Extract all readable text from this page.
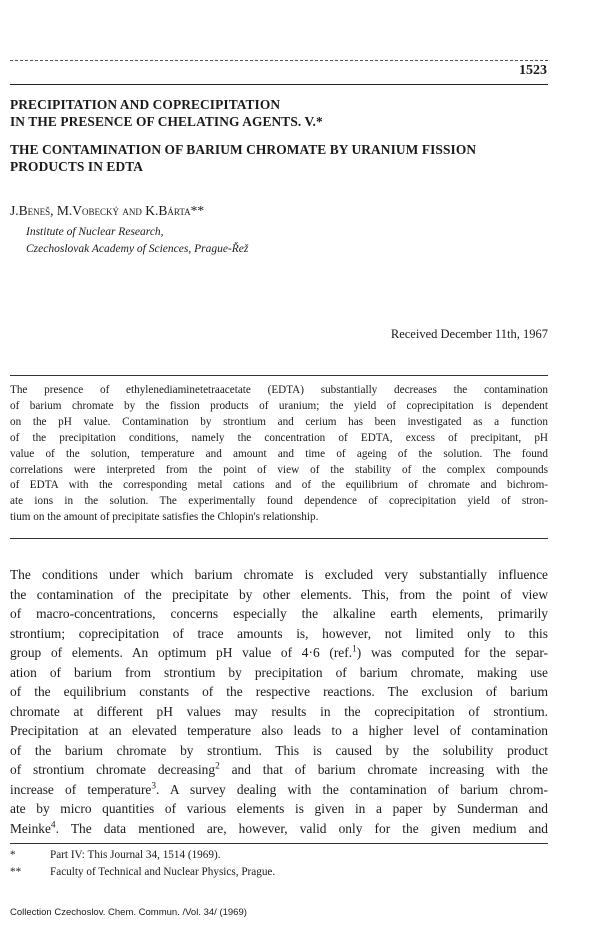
1523
PRECIPITATION AND COPRECIPITATION
IN THE PRESENCE OF CHELATING AGENTS. V.*
THE CONTAMINATION OF BARIUM CHROMATE BY URANIUM FISSION
PRODUCTS IN EDTA
J.Beneš, M.Vobecký and K.Bárta**
Institute of Nuclear Research,
Czechoslovak Academy of Sciences, Prague-Řež
Received December 11th, 1967
The presence of ethylenediaminetetraacetate (EDTA) substantially decreases the contamination
of barium chromate by the fission products of uranium; the yield of coprecipitation is dependent
on the pH value. Contamination by strontium and cerium has been investigated as a function
of the precipitation conditions, namely the concentration of EDTA, excess of precipitant, pH
value of the solution, temperature and amount and time of ageing of the solution. The found
correlations were interpreted from the point of view of the stability of the complex compounds
of EDTA with the corresponding metal cations and of the equilibrium of chromate and bichrom-
ate ions in the solution. The experimentally found dependence of coprecipitation yield of stron-
tium on the amount of precipitate satisfies the Chlopin's relationship.
The conditions under which barium chromate is excluded very substantially influence
the contamination of the precipitate by other elements. This, from the point of view
of macro-concentrations, concerns especially the alkaline earth elements, primarily
strontium; coprecipitation of trace amounts is, however, not limited only to this
group of elements. An optimum pH value of 4·6 (ref.$^1$) was computed for the separ-
ation of barium from strontium by precipitation of barium chromate, making use
of the equilibrium constants of the respective reactions. The exclusion of barium
chromate at different pH values may results in the coprecipitation of strontium.
Precipitation at an elevated temperature also leads to a higher level of contamination
of the barium chromate by strontium. This is caused by the solubility product
of strontium chromate decreasing$^2$ and that of barium chromate increasing with the
increase of temperature$^3$. A survey dealing with the contamination of barium chrom-
ate by micro quantities of various elements is given in a paper by Sunderman and
Meinke$^4$. The data mentioned are, however, valid only for the given medium and
*	Part IV: This Journal 34, 1514 (1969).
**	Faculty of Technical and Nuclear Physics, Prague.
Collection Czechoslov. Chem. Commun. /Vol. 34/ (1969)
